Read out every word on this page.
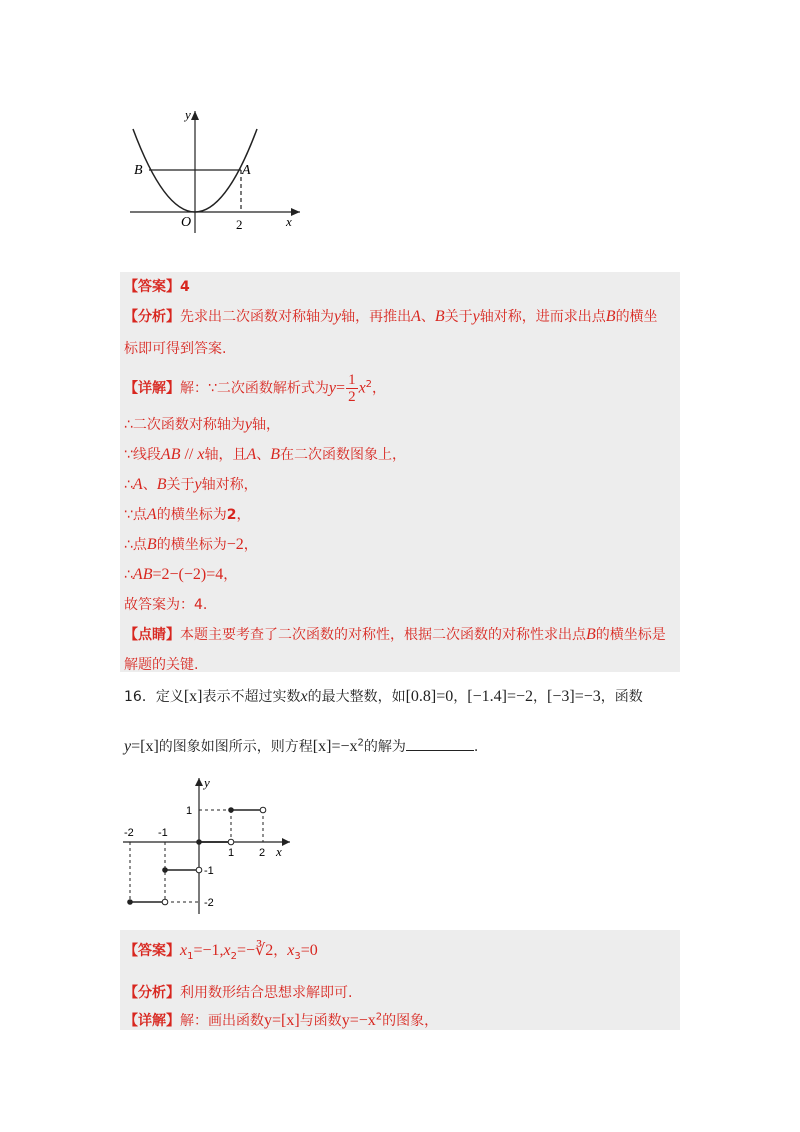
y
x
B	A
O	2
【答案】4
【分析】先求出二次函数对称轴为y轴，再推出A、B关于y轴对称，进而求出点B的横坐
标即可得到答案.
【详解】解：∵二次函数解析式为$y= \frac{1}{2} x^2$，
∴二次函数对称轴为y轴，
∵线段AB // x轴，且A、B在二次函数图象上，
∴A、B关于y轴对称，
∵点A的横坐标为2，
∴点B的横坐标为−2，
∴AB=2−(−2)=4，
故答案为：4.
【点睛】本题主要考查了二次函数的对称性，根据二次函数的对称性求出点B的横坐标是
解题的关键.
16．定义[x]表示不超过实数x的最大整数，如[0.8]=0，[−1.4]=−2，[−3]=−3，函数
y=[x]的图象如图所示，则方程$[x]=-x^2$的解为	.
y
x
-2 -1
1 2
1
-1
-2
【答案】$x_1=-1,x_2=-∛2$，$x_3=0$
【分析】利用数形结合思想求解即可.
【详解】解：画出函数y=[x]与函数$y=-x^2$的图象，
